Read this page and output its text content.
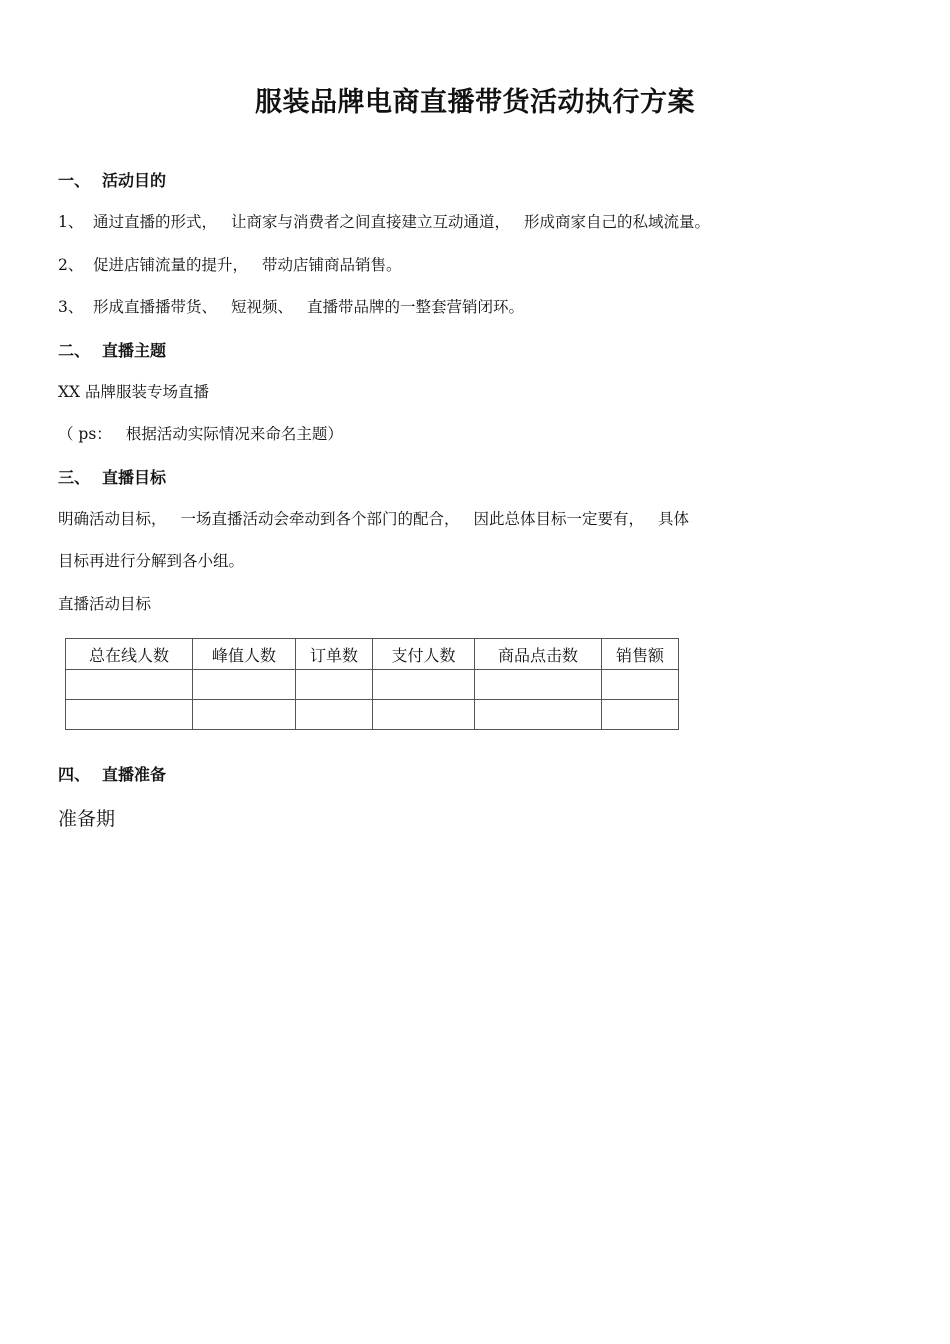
服装品牌电商直播带货活动执行方案
一、 活动目的
1、 通过直播的形式， 让商家与消费者之间直接建立互动通道， 形成商家自己的私域流量。
2、 促进店铺流量的提升， 带动店铺商品销售。
3、 形成直播播带货、 短视频、 直播带品牌的一整套营销闭环。
二、 直播主题
XX 品牌服装专场直播
（ ps： 根据活动实际情况来命名主题）
三、 直播目标
明确活动目标， 一场直播活动会牵动到各个部门的配合， 因此总体目标一定要有， 具体
目标再进行分解到各小组。
直播活动目标
总在线人数	峰值人数	订单数	支付人数	商品点击数	销售额

四、 直播准备
准备期
